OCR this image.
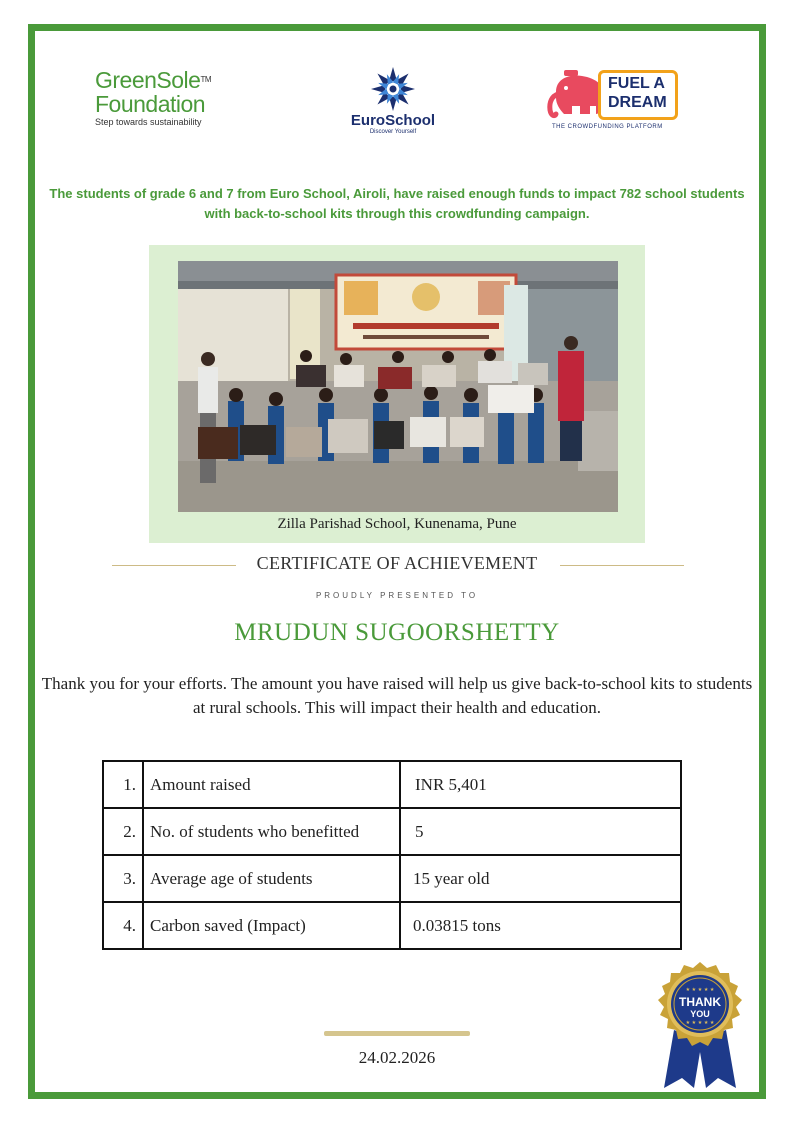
GreenSole™
Foundation
Step towards sustainability	EuroSchool
Discover Yourself
FUEL A
DREAM
THE CROWDFUNDING PLATFORM
The students of grade 6 and 7 from Euro School, Airoli, have raised enough funds to impact 782 school students with back-to-school kits through this crowdfunding campaign.
Zilla Parishad School, Kunenama, Pune
CERTIFICATE OF ACHIEVEMENT
PROUDLY PRESENTED TO
MRUDUN SUGOORSHETTY
Thank you for your efforts. The amount you have raised will help us give back-to-school kits to students at rural schools. This will impact their health and education.
1.	Amount raised	INR 5,401
2.	No. of students who benefitted	5
3.	Average age of students	15 year old
4.	Carbon saved (Impact)	0.03815 tons
24.02.2026
★ ★ ★ ★ ★
★ ★ ★ ★ ★
THANK
YOU
